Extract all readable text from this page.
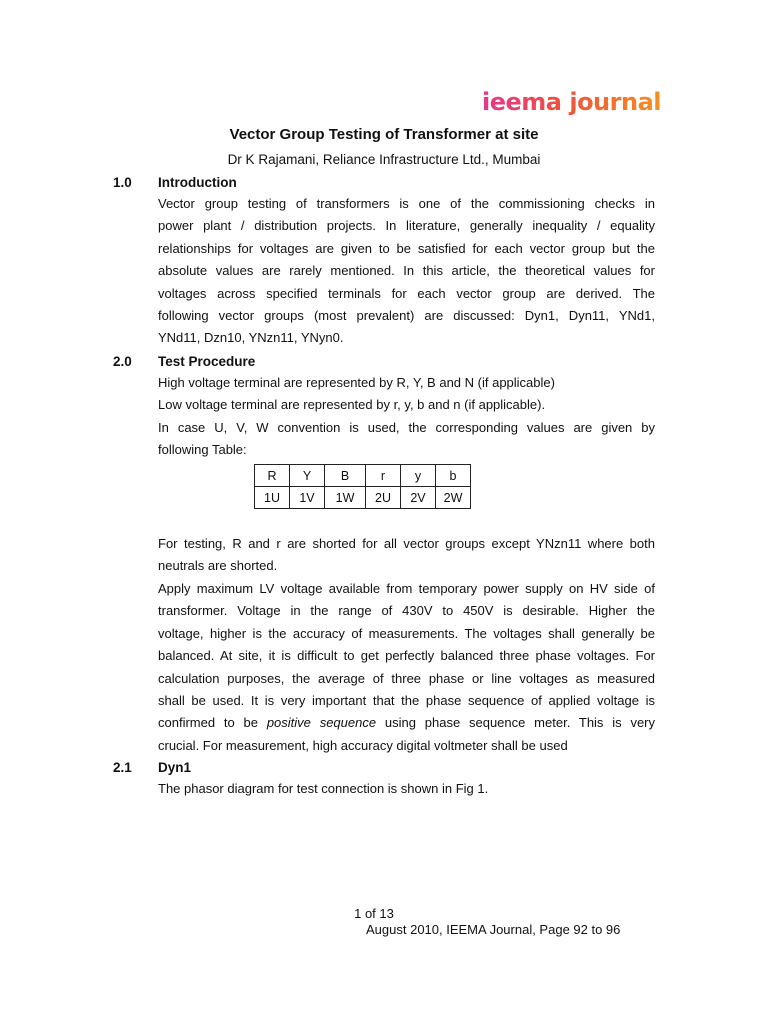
ieema journal
Vector Group Testing of Transformer at site

Dr K Rajamani, Reliance Infrastructure Ltd., Mumbai

1.0 Introduction

Vector group testing of transformers is one of the commissioning checks in
power plant / distribution projects. In literature, generally inequality / equality
relationships for voltages are given to be satisfied for each vector group but the
absolute values are rarely mentioned. In this article, the theoretical values for
voltages across specified terminals for each vector group are derived. The
following vector groups (most prevalent) are discussed: Dyn1, Dyn11, YNd1,
YNd11, Dzn10, YNzn11, YNyn0.

2.0 Test Procedure

High voltage terminal are represented by R, Y, B and N (if applicable)
Low voltage terminal are represented by r, y, b and n (if applicable).
In case U, V, W convention is used, the corresponding values are given by
following Table:
R	Y	B	r	y	b
1U	1V	1W	2U	2V	2W
For testing, R and r are shorted for all vector groups except YNzn11 where both
neutrals are shorted.
Apply maximum LV voltage available from temporary power supply on HV side of
transformer. Voltage in the range of 430V to 450V is desirable. Higher the
voltage, higher is the accuracy of measurements. The voltages shall generally be
balanced. At site, it is difficult to get perfectly balanced three phase voltages. For
calculation purposes, the average of three phase or line voltages as measured
shall be used. It is very important that the phase sequence of applied voltage is
confirmed to be positive sequence using phase sequence meter. This is very
crucial. For measurement, high accuracy digital voltmeter shall be used

2.1 Dyn1

The phasor diagram for test connection is shown in Fig 1.

1 of 13

August 2010, IEEMA Journal, Page 92 to 96
